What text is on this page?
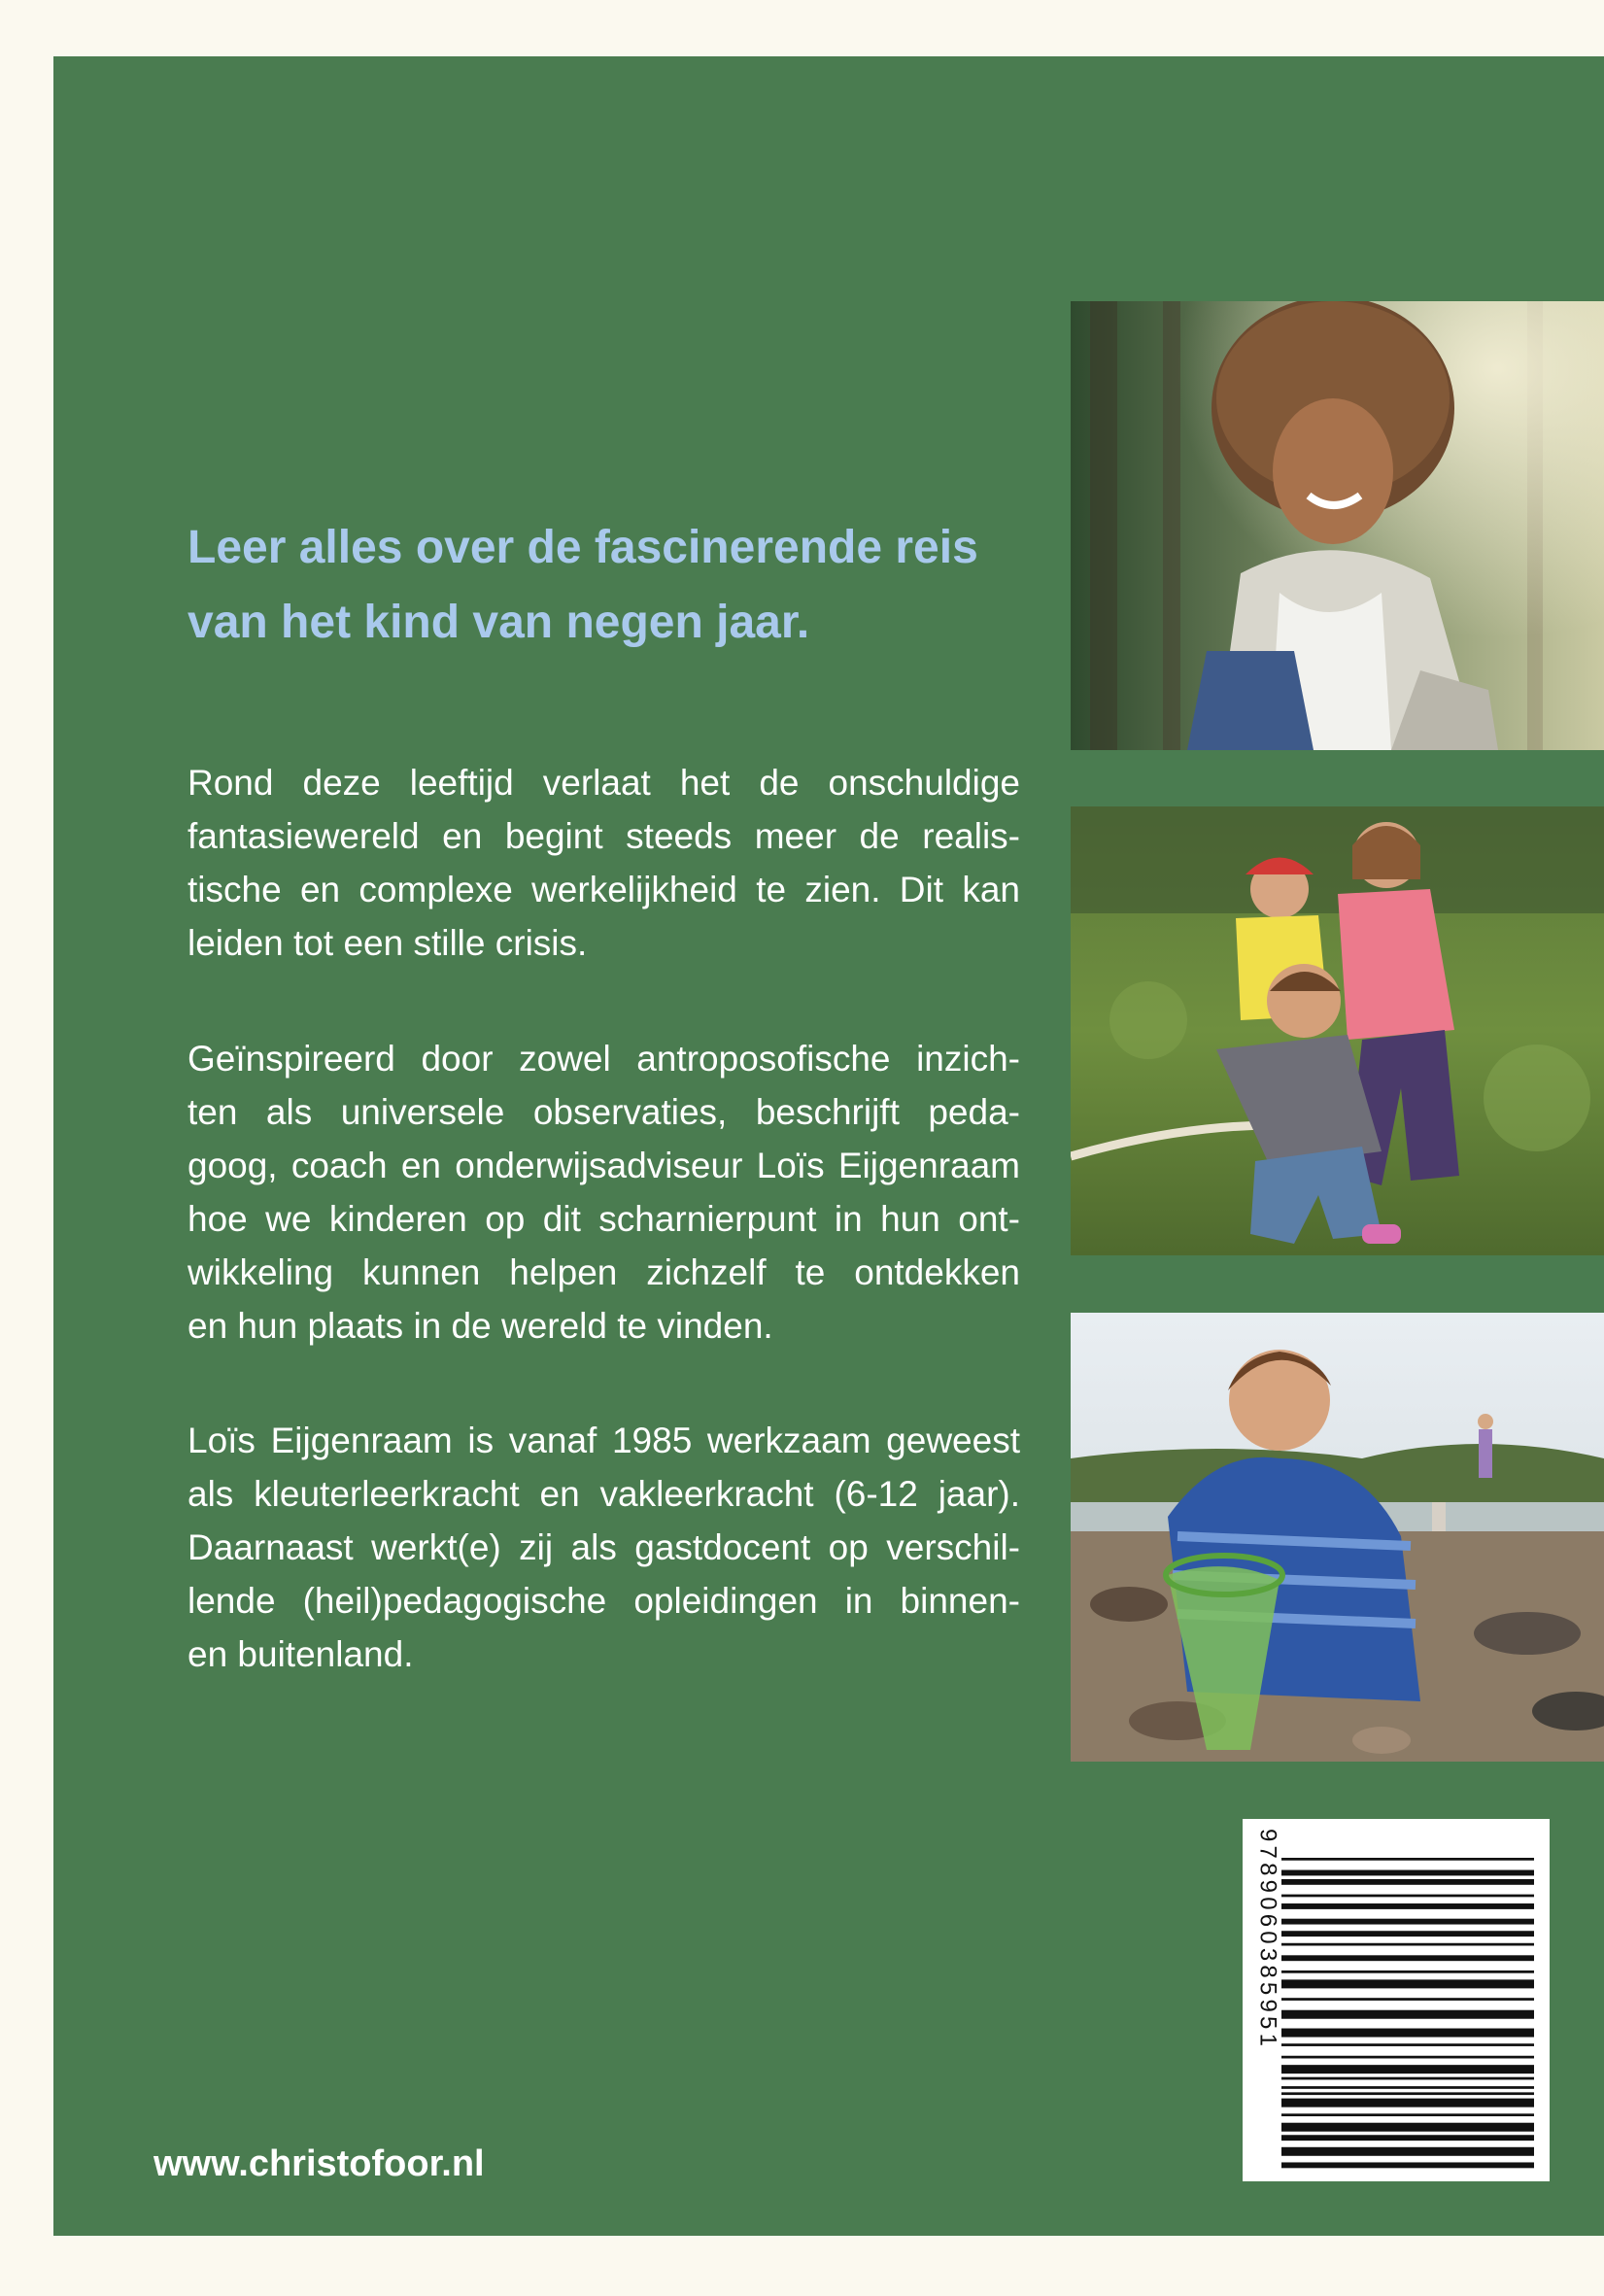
Leer alles over de fascinerende reis
van het kind van negen jaar.

Rond deze leeftijd verlaat het de onschuldige
fantasiewereld en begint steeds meer de realis-
tische en complexe werkelijkheid te zien. Dit kan
leiden tot een stille crisis.

Geïnspireerd door zowel antroposofische inzich-
ten als universele observaties, beschrijft peda-
goog, coach en onderwijsadviseur Loïs Eijgenraam
hoe we kinderen op dit scharnierpunt in hun ont-
wikkeling kunnen helpen zichzelf te ontdekken
en hun plaats in de wereld te vinden.

Loïs Eijgenraam is vanaf 1985 werkzaam geweest
als kleuterleerkracht en vakleerkracht (6-12 jaar).
Daarnaast werkt(e) zij als gastdocent op verschil-
lende (heil)pedagogische opleidingen in binnen-
en buitenland.

9789060385951
www.christofoor.nl
